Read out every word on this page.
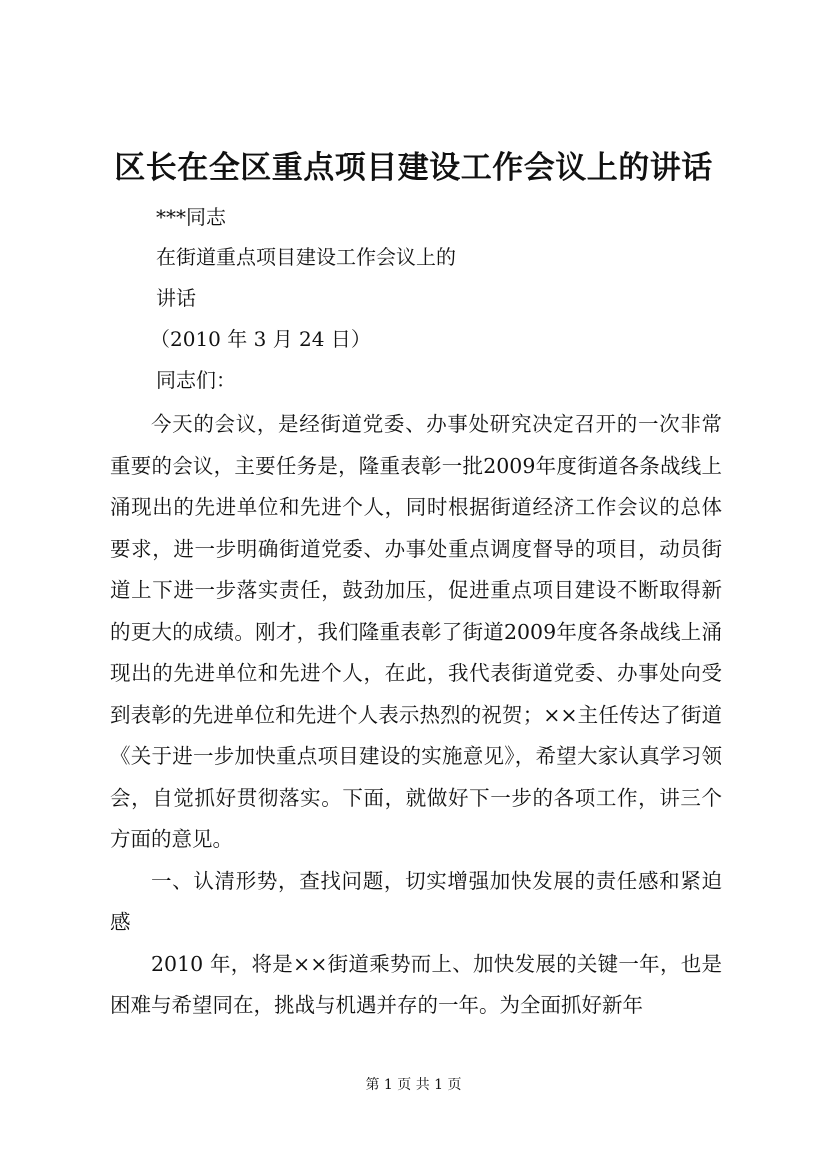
区长在全区重点项目建设工作会议上的讲话
***同志
在街道重点项目建设工作会议上的
讲话
（2010 年 3 月 24 日）
同志们：

今天的会议，是经街道党委、办事处研究决定召开的一次非常重要的会议，主要任务是，隆重表彰一批2009年度街道各条战线上涌现出的先进单位和先进个人，同时根据街道经济工作会议的总体要求，进一步明确街道党委、办事处重点调度督导的项目，动员街道上下进一步落实责任，鼓劲加压，促进重点项目建设不断取得新的更大的成绩。刚才，我们隆重表彰了街道2009年度各条战线上涌现出的先进单位和先进个人，在此，我代表街道党委、办事处向受到表彰的先进单位和先进个人表示热烈的祝贺；××主任传达了街道《关于进一步加快重点项目建设的实施意见》，希望大家认真学习领会，自觉抓好贯彻落实。下面，就做好下一步的各项工作，讲三个方面的意见。

一、认清形势，查找问题，切实增强加快发展的责任感和紧迫感

2010 年，将是××街道乘势而上、加快发展的关键一年，也是困难与希望同在，挑战与机遇并存的一年。为全面抓好新年

第 1 页 共 1 页
